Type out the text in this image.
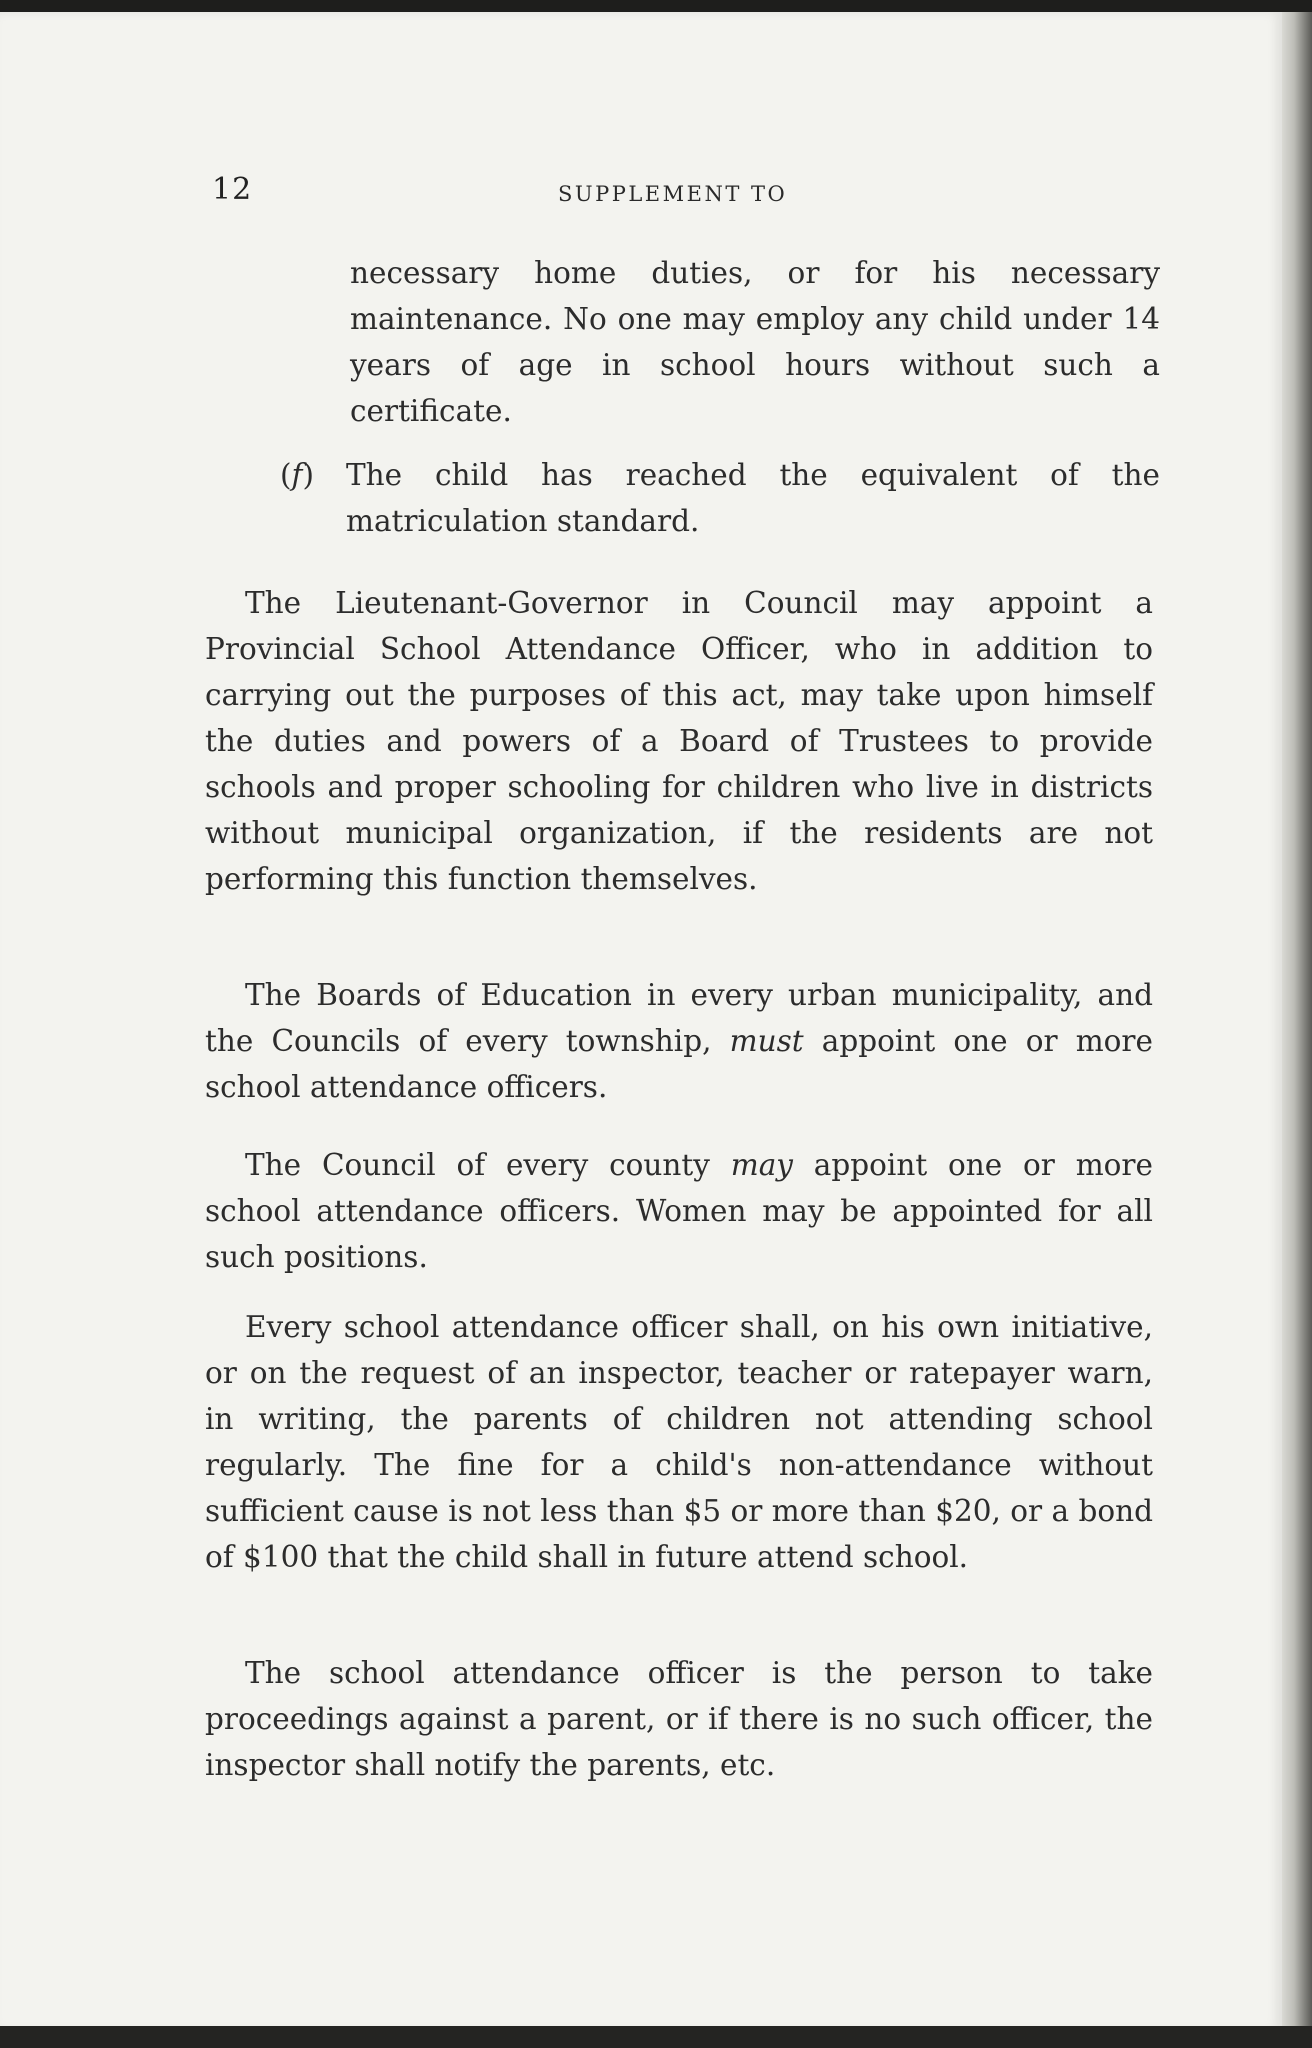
12	SUPPLEMENT TO
necessary home duties, or for his necessary maintenance. No one may employ any child under 14 years of age in school hours without such a certificate.
(f) The child has reached the equivalent of the matriculation standard.
The Lieutenant-Governor in Council may appoint a Provincial School Attendance Officer, who in addition to carrying out the purposes of this act, may take upon himself the duties and powers of a Board of Trustees to provide schools and proper schooling for children who live in districts without municipal organization, if the residents are not performing this function themselves.
The Boards of Education in every urban municipality, and the Councils of every township, must appoint one or more school attendance officers.
The Council of every county may appoint one or more school attendance officers. Women may be appointed for all such positions.
Every school attendance officer shall, on his own initiative, or on the request of an inspector, teacher or ratepayer warn, in writing, the parents of children not attending school regularly. The fine for a child's non-attendance without sufficient cause is not less than $5 or more than $20, or a bond of $100 that the child shall in future attend school.
The school attendance officer is the person to take proceedings against a parent, or if there is no such officer, the inspector shall notify the parents, etc.
